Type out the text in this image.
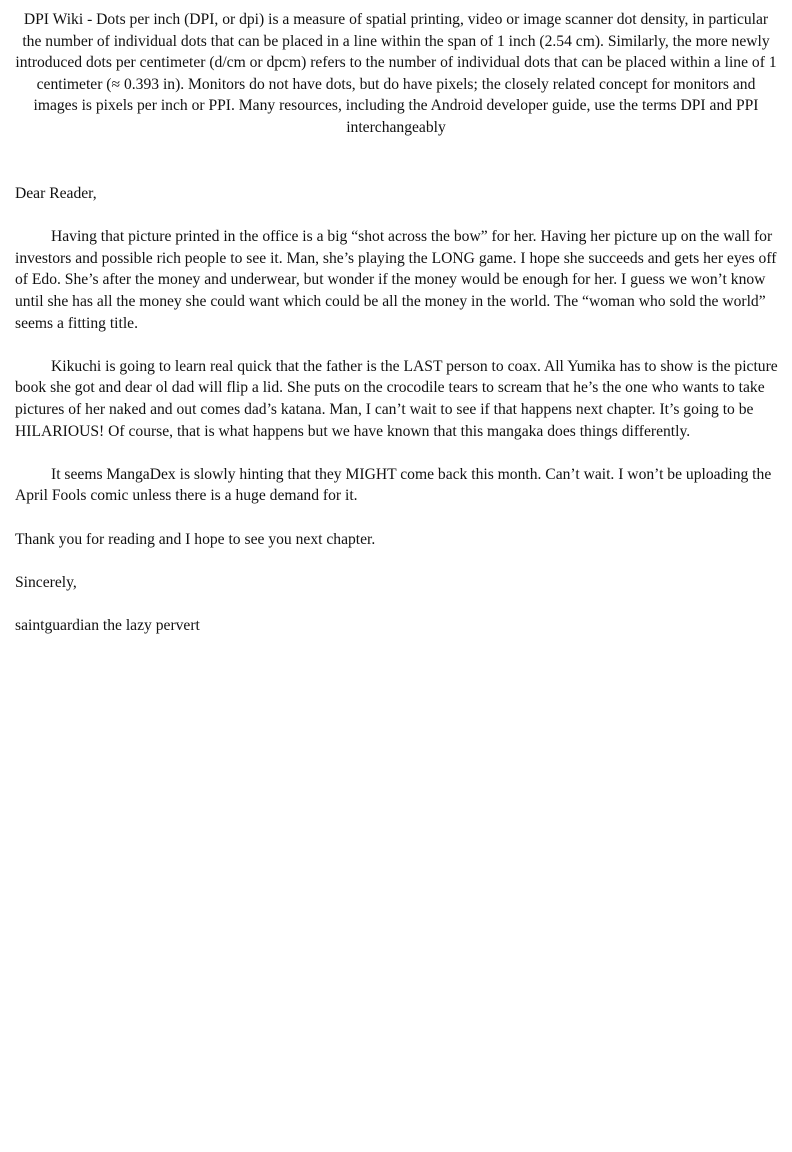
DPI Wiki - Dots per inch (DPI, or dpi) is a measure of spatial printing, video or image scanner dot density, in particular the number of individual dots that can be placed in a line within the span of 1 inch (2.54 cm). Similarly, the more newly introduced dots per centimeter (d/cm or dpcm) refers to the number of individual dots that can be placed within a line of 1 centimeter (≈ 0.393 in). Monitors do not have dots, but do have pixels; the closely related concept for monitors and images is pixels per inch or PPI. Many resources, including the Android developer guide, use the terms DPI and PPI interchangeably

Dear Reader,

Having that picture printed in the office is a big “shot across the bow” for her. Having her picture up on the wall for investors and possible rich people to see it. Man, she’s playing the LONG game. I hope she succeeds and gets her eyes off of Edo. She’s after the money and underwear, but wonder if the money would be enough for her. I guess we won’t know until she has all the money she could want which could be all the money in the world. The “woman who sold the world” seems a fitting title.

Kikuchi is going to learn real quick that the father is the LAST person to coax. All Yumika has to show is the picture book she got and dear ol dad will flip a lid. She puts on the crocodile tears to scream that he’s the one who wants to take pictures of her naked and out comes dad’s katana. Man, I can’t wait to see if that happens next chapter. It’s going to be HILARIOUS! Of course, that is what happens but we have known that this mangaka does things differently.

It seems MangaDex is slowly hinting that they MIGHT come back this month. Can’t wait. I won’t be uploading the April Fools comic unless there is a huge demand for it.

Thank you for reading and I hope to see you next chapter.

Sincerely,

saintguardian the lazy pervert
